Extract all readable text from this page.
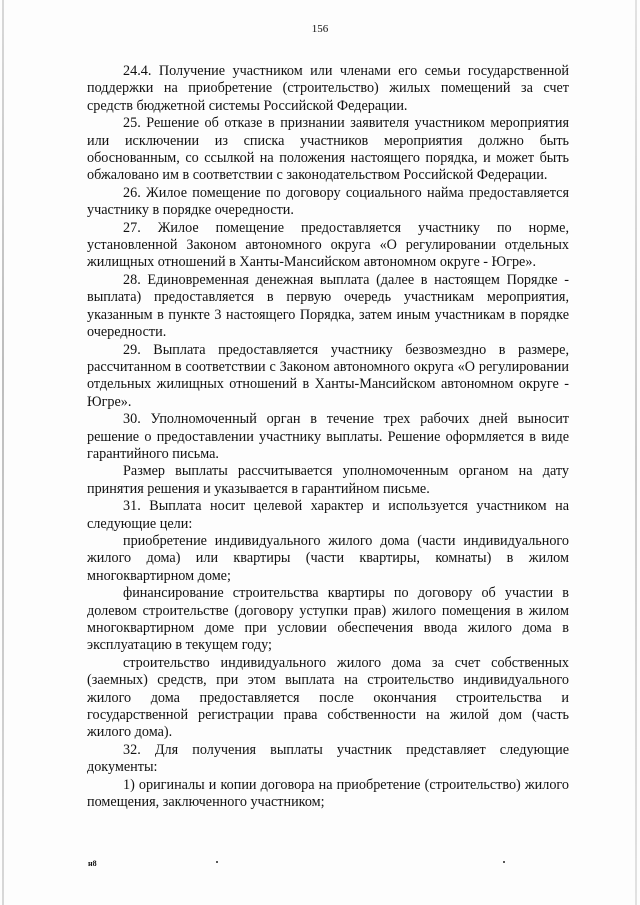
156

24.4. Получение участником или членами его семьи государственной поддержки на приобретение (строительство) жилых помещений за счет средств бюджетной системы Российской Федерации.

25. Решение об отказе в признании заявителя участником мероприятия или исключении из списка участников мероприятия должно быть обоснованным, со ссылкой на положения настоящего порядка, и может быть обжаловано им в соответствии с законодательством Российской Федерации.

26. Жилое помещение по договору социального найма предоставляется участнику в порядке очередности.

27. Жилое помещение предоставляется участнику по норме, установленной Законом автономного округа «О регулировании отдельных жилищных отношений в Ханты-Мансийском автономном округе - Югре».

28. Единовременная денежная выплата (далее в настоящем Порядке - выплата) предоставляется в первую очередь участникам мероприятия, указанным в пункте 3 настоящего Порядка, затем иным участникам в порядке очередности.

29. Выплата предоставляется участнику безвозмездно в размере, рассчитанном в соответствии с Законом автономного округа «О регулировании отдельных жилищных отношений в Ханты-Мансийском автономном округе - Югре».

30. Уполномоченный орган в течение трех рабочих дней выносит решение о предоставлении участнику выплаты. Решение оформляется в виде гарантийного письма.

Размер выплаты рассчитывается уполномоченным органом на дату принятия решения и указывается в гарантийном письме.

31. Выплата носит целевой характер и используется участником на следующие цели:

приобретение индивидуального жилого дома (части индивидуального жилого дома) или квартиры (части квартиры, комнаты) в жилом многоквартирном доме;

финансирование строительства квартиры по договору об участии в долевом строительстве (договору уступки прав) жилого помещения в жилом многоквартирном доме при условии обеспечения ввода жилого дома в эксплуатацию в текущем году;

строительство индивидуального жилого дома за счет собственных (заемных) средств, при этом выплата на строительство индивидуального жилого дома предоставляется после окончания строительства и государственной регистрации права собственности на жилой дом (часть жилого дома).

32. Для получения выплаты участник представляет следующие документы:

1) оригиналы и копии договора на приобретение (строительство) жилого помещения, заключенного участником;

н8
